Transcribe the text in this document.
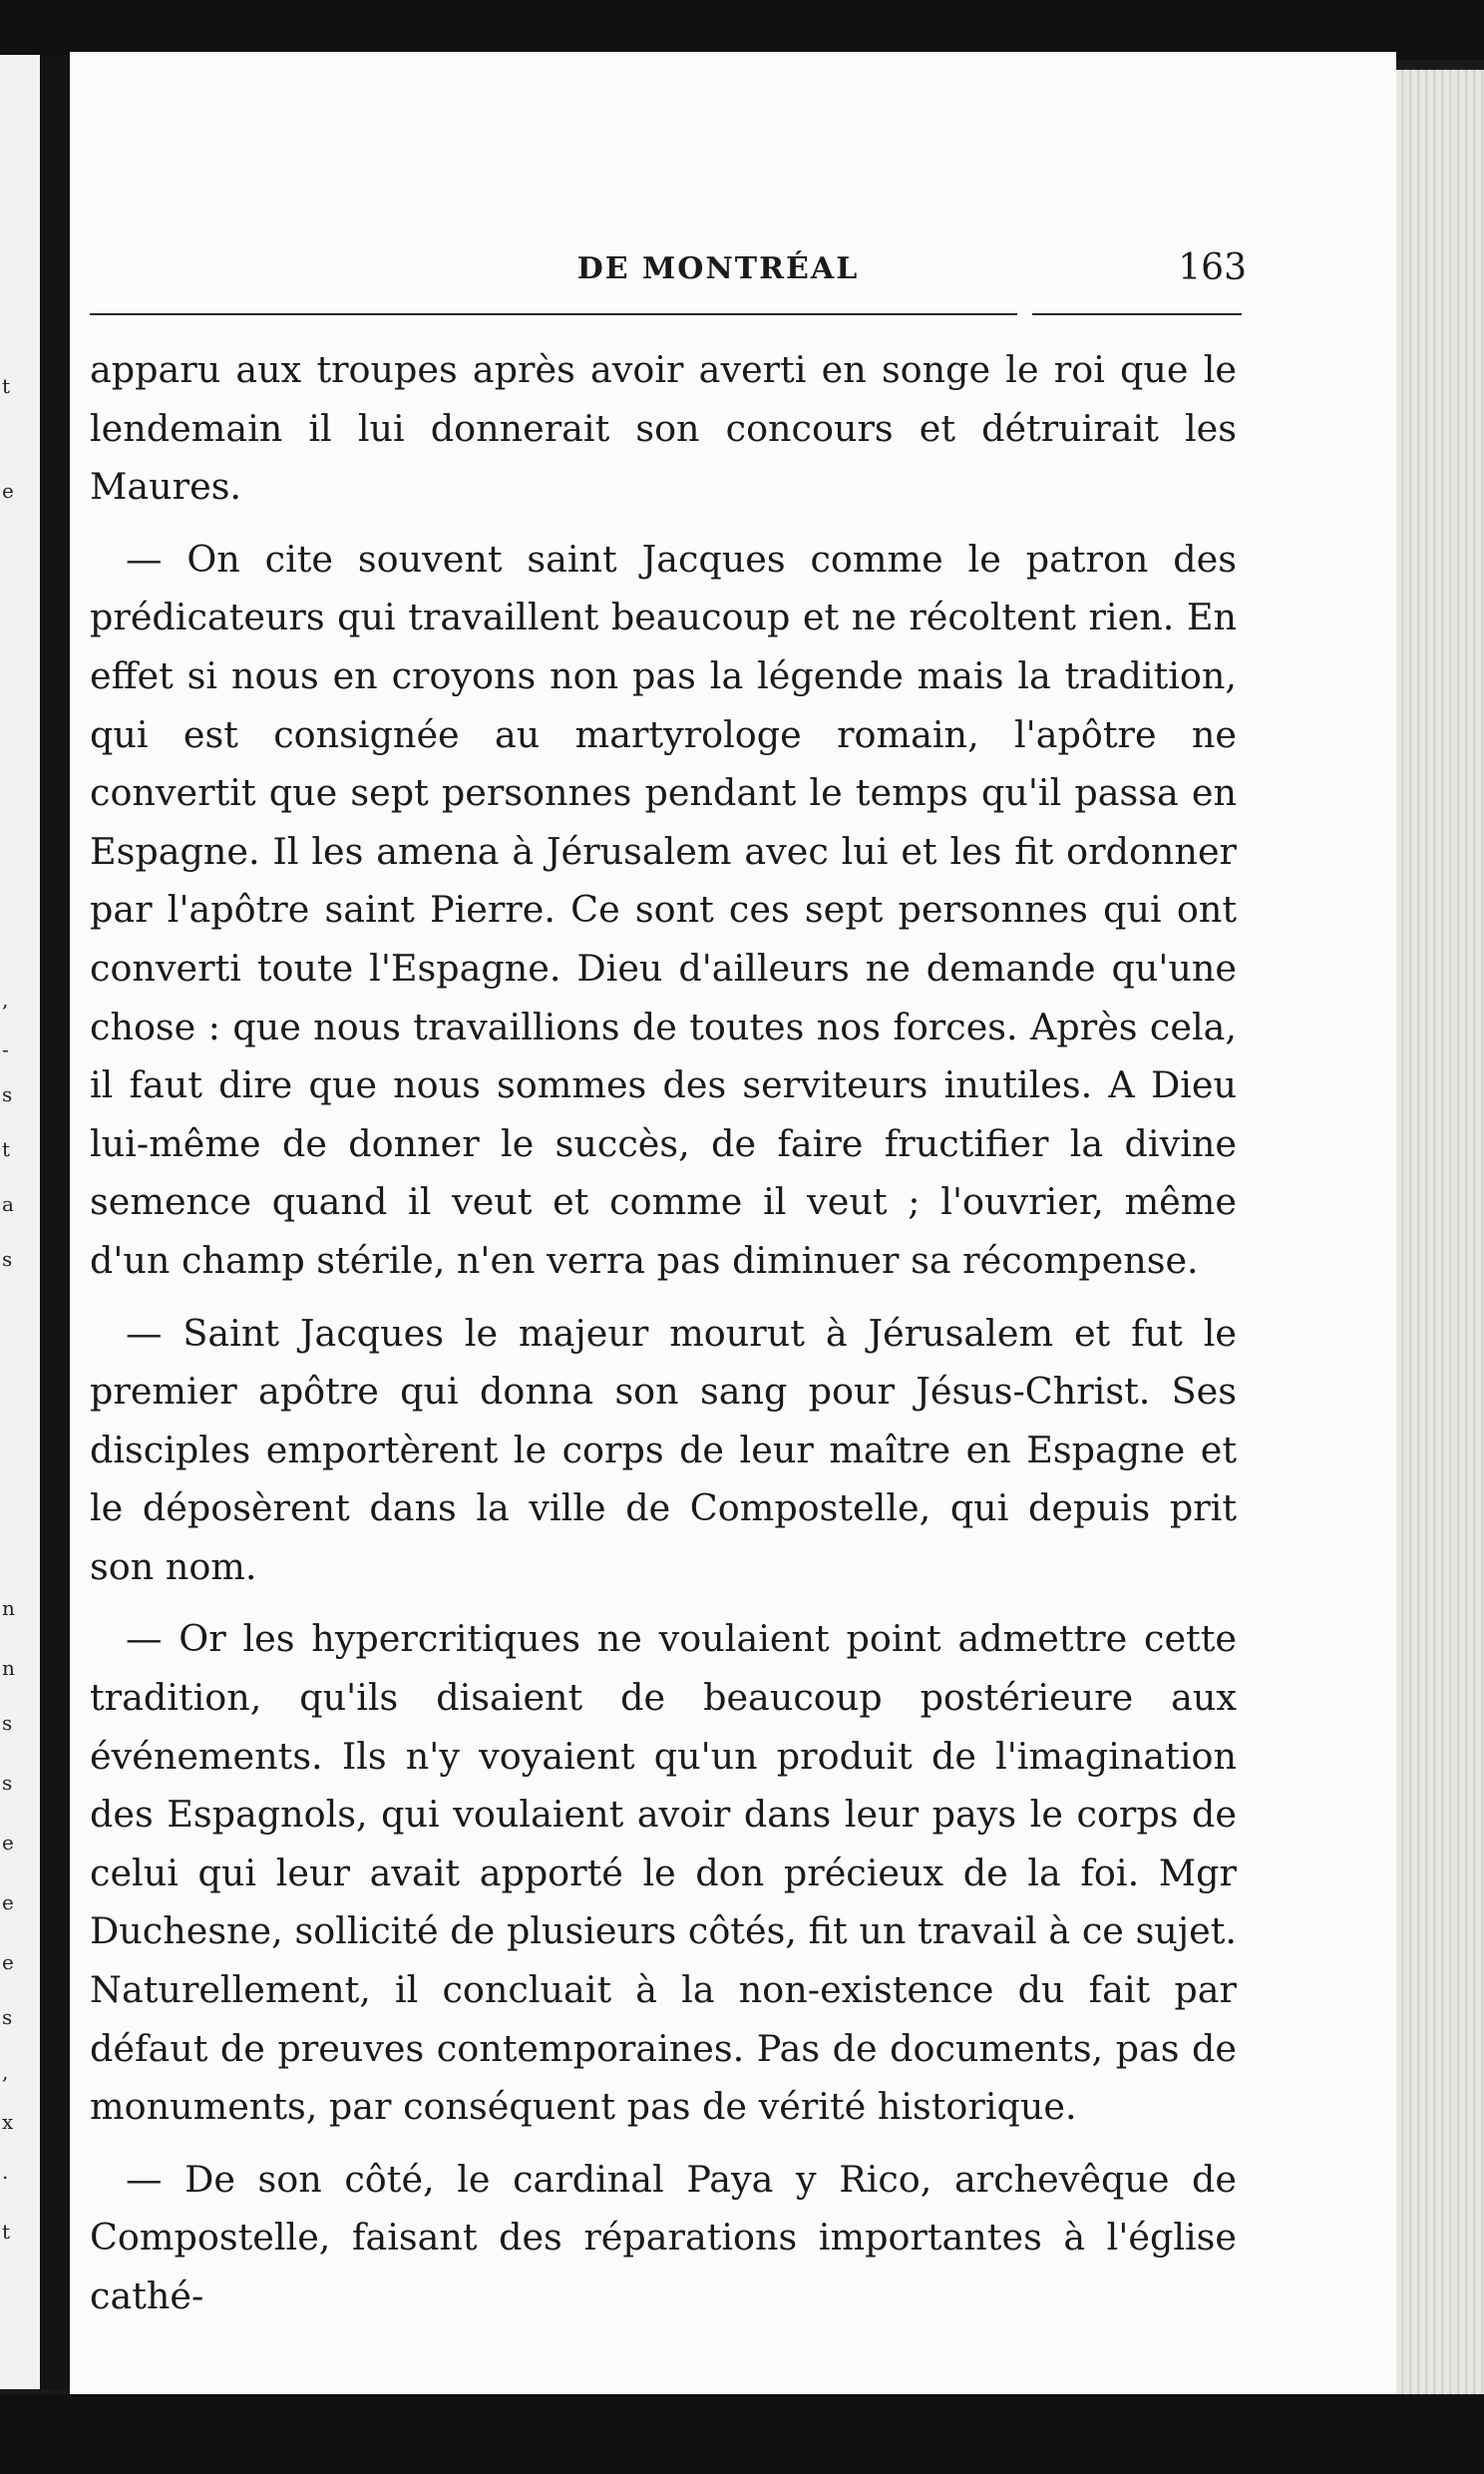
t
e
,
-
s
t
a
s
n
n
s
s
e
e
e
s
,
x
.
t
DE MONTRÉAL	163

apparu aux troupes après avoir averti en songe le roi que le lendemain il lui donnerait son concours et détruirait les Maures.

— On cite souvent saint Jacques comme le patron des prédicateurs qui travaillent beaucoup et ne récoltent rien. En effet si nous en croyons non pas la légende mais la tradition, qui est consignée au martyrologe romain, l'apôtre ne convertit que sept personnes pendant le temps qu'il passa en Espagne. Il les amena à Jérusalem avec lui et les fit ordonner par l'apôtre saint Pierre. Ce sont ces sept personnes qui ont converti toute l'Espagne. Dieu d'ailleurs ne demande qu'une chose : que nous travaillions de toutes nos forces. Après cela, il faut dire que nous sommes des serviteurs inutiles. A Dieu lui-même de donner le succès, de faire fructifier la divine semence quand il veut et comme il veut ; l'ouvrier, même d'un champ stérile, n'en verra pas diminuer sa récompense.

— Saint Jacques le majeur mourut à Jérusalem et fut le premier apôtre qui donna son sang pour Jésus-Christ. Ses disciples emportèrent le corps de leur maître en Espagne et le déposèrent dans la ville de Compostelle, qui depuis prit son nom.

— Or les hypercritiques ne voulaient point admettre cette tradition, qu'ils disaient de beaucoup postérieure aux événements. Ils n'y voyaient qu'un produit de l'imagination des Espagnols, qui voulaient avoir dans leur pays le corps de celui qui leur avait apporté le don précieux de la foi. Mgr Duchesne, sollicité de plusieurs côtés, fit un travail à ce sujet. Naturellement, il concluait à la non-existence du fait par défaut de preuves contemporaines. Pas de documents, pas de monuments, par conséquent pas de vérité historique.

— De son côté, le cardinal Paya y Rico, archevêque de Compostelle, faisant des réparations importantes à l'église cathé-
